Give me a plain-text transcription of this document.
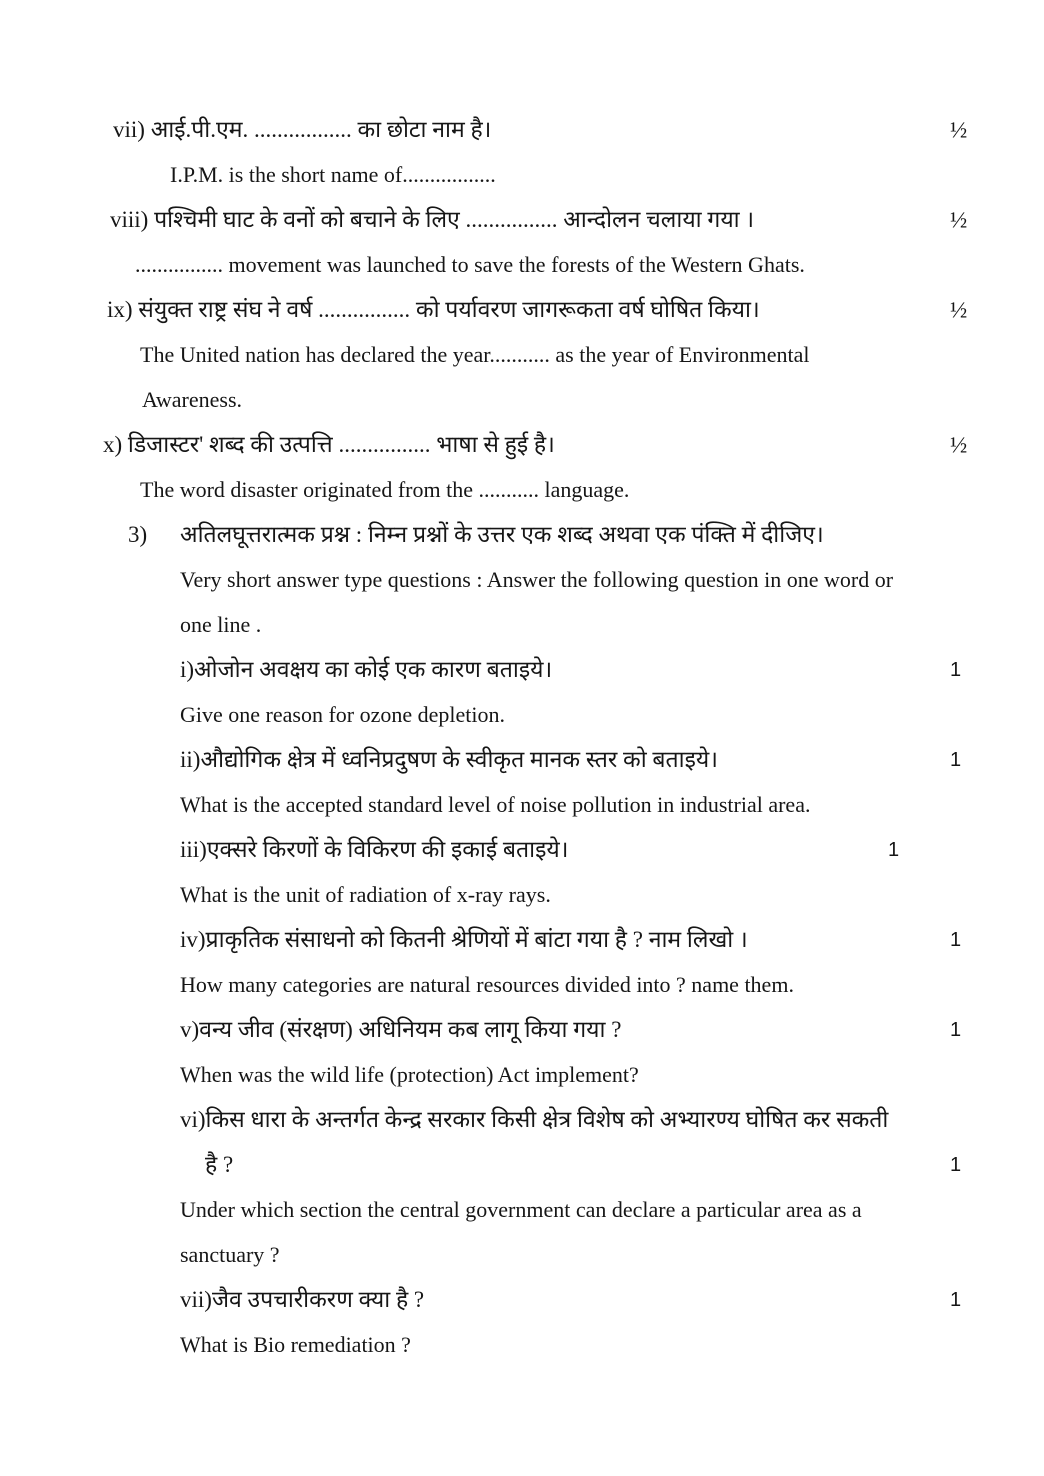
vii) आई.पी.एम. ................. का छोटा नाम है।	½
I.P.M. is the short name of.................
viii) पश्चिमी घाट के वनों को बचाने के लिए ................ आन्दोलन चलाया गया ।	½
................ movement was launched to save the forests of the Western Ghats.
ix) संयुक्त राष्ट्र संघ ने वर्ष ................ को पर्यावरण जागरूकता वर्ष घोषित किया।	½
The United nation has declared the year........... as the year of Environmental
Awareness.
x) डिजास्टर' शब्द की उत्पत्ति ................ भाषा से हुई है।	½
The word disaster originated from the ........... language.
3)	अतिलघूत्तरात्मक प्रश्न : निम्न प्रश्नों के उत्तर एक शब्द अथवा एक पंक्ति में दीजिए।
Very short answer type questions : Answer the following question in one word or
one line .
i)ओजोन अवक्षय का कोई एक कारण बताइये।	1
Give one reason for ozone depletion.
ii)औद्योगिक क्षेत्र में ध्वनिप्रदुषण के स्वीकृत मानक स्तर को बताइये।	1
What is the accepted standard level of noise pollution in industrial area.
iii)एक्सरे किरणों के विकिरण की इकाई बताइये।	1
What is the unit of radiation of x-ray rays.
iv)प्राकृतिक संसाधनो को कितनी श्रेणियों में बांटा गया है ? नाम लिखो ।	1
How many categories are natural resources divided into ? name them.
v)वन्य जीव (संरक्षण) अधिनियम कब लागू किया गया ?	1
When was the wild life (protection) Act implement?
vi)किस धारा के अन्तर्गत केन्द्र सरकार किसी क्षेत्र विशेष को अभ्यारण्य घोषित कर सकती
है ?	1
Under which section the central government can declare a particular area as a
sanctuary ?
vii)जैव उपचारीकरण क्या है ?	1
What is Bio remediation ?
